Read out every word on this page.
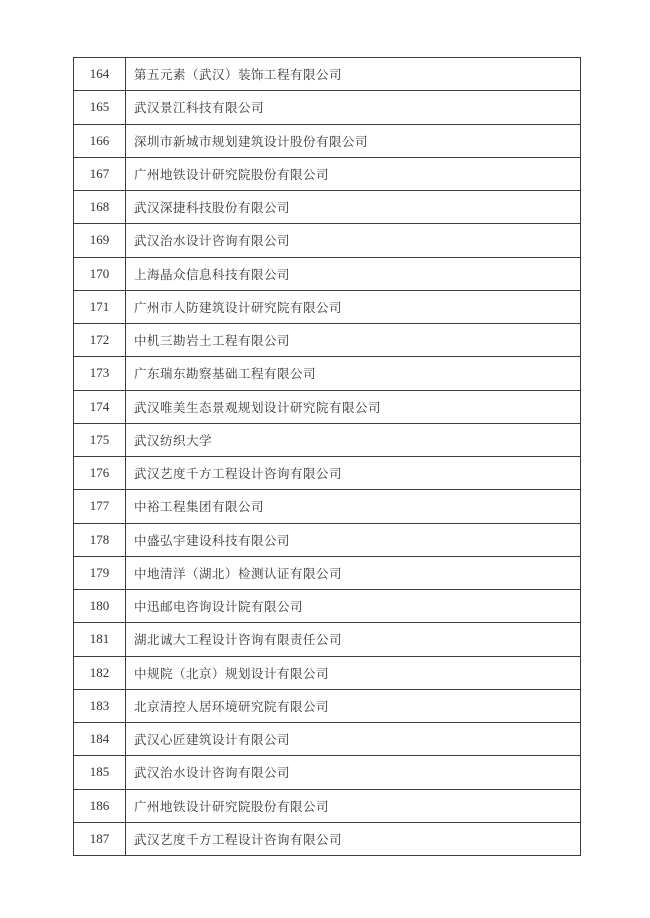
164	第五元素（武汉）装饰工程有限公司
165	武汉景江科技有限公司
166	深圳市新城市规划建筑设计股份有限公司
167	广州地铁设计研究院股份有限公司
168	武汉深捷科技股份有限公司
169	武汉治水设计咨询有限公司
170	上海晶众信息科技有限公司
171	广州市人防建筑设计研究院有限公司
172	中机三勘岩土工程有限公司
173	广东瑞东勘察基础工程有限公司
174	武汉唯美生态景观规划设计研究院有限公司
175	武汉纺织大学
176	武汉艺度千方工程设计咨询有限公司
177	中裕工程集团有限公司
178	中盛弘宇建设科技有限公司
179	中地清洋（湖北）检测认证有限公司
180	中迅邮电咨询设计院有限公司
181	湖北诚大工程设计咨询有限责任公司
182	中规院（北京）规划设计有限公司
183	北京清控人居环境研究院有限公司
184	武汉心匠建筑设计有限公司
185	武汉治水设计咨询有限公司
186	广州地铁设计研究院股份有限公司
187	武汉艺度千方工程设计咨询有限公司
